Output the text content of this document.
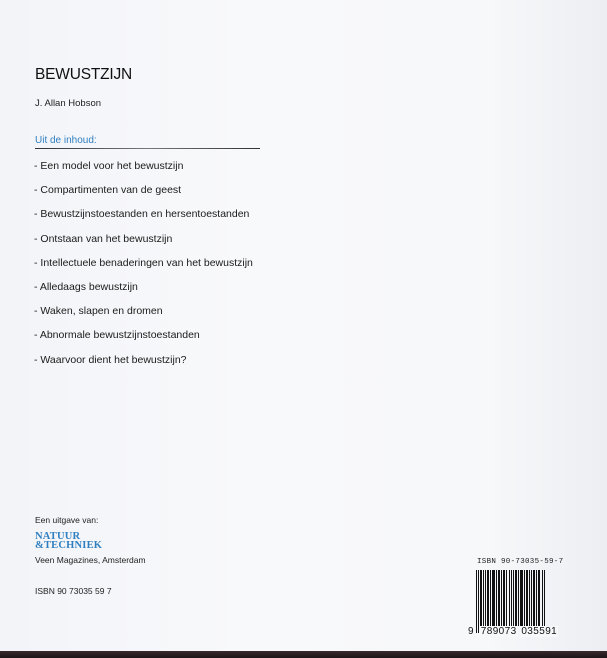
BEWUSTZIJN
J. Allan Hobson
Uit de inhoud:
- Een model voor het bewustzijn
- Compartimenten van de geest
- Bewustzijnstoestanden en hersentoestanden
- Ontstaan van het bewustzijn
- Intellectuele benaderingen van het bewustzijn
- Alledaags bewustzijn
- Waken, slapen en dromen
- Abnormale bewustzijnstoestanden
- Waarvoor dient het bewustzijn?
Een uitgave van:
NATUUR
&TECHNIEK
Veen Magazines, Amsterdam
ISBN 90 73035 59 7
ISBN 90-73035-59-7
9 789073 035591
